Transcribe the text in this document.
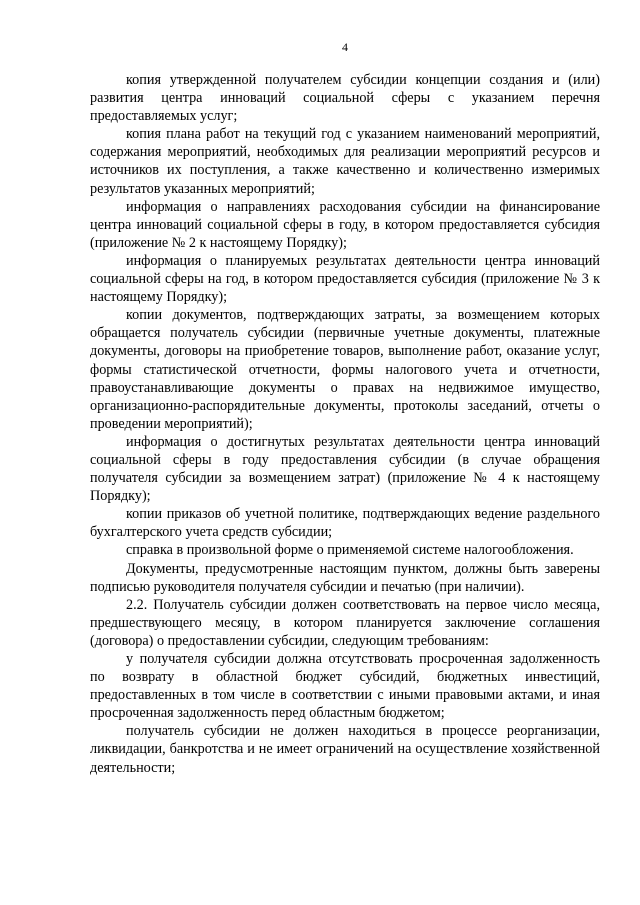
4

копия утвержденной получателем субсидии концепции создания и (или) развития центра инноваций социальной сферы с указанием перечня предоставляемых услуг;

копия плана работ на текущий год с указанием наименований мероприятий, содержания мероприятий, необходимых для реализации мероприятий ресурсов и источников их поступления, а также качественно и количественно измеримых результатов указанных мероприятий;

информация о направлениях расходования субсидии на финансирование центра инноваций социальной сферы в году, в котором предоставляется субсидия (приложение № 2 к настоящему Порядку);

информация о планируемых результатах деятельности центра инноваций социальной сферы на год, в котором предоставляется субсидия (приложение № 3 к настоящему Порядку);

копии документов, подтверждающих затраты, за возмещением которых обращается получатель субсидии (первичные учетные документы, платежные документы, договоры на приобретение товаров, выполнение работ, оказание услуг, формы статистической отчетности, формы налогового учета и отчетности, правоустанавливающие документы о правах на недвижимое имущество, организационно-распорядительные документы, протоколы заседаний, отчеты о проведении мероприятий);

информация о достигнутых результатах деятельности центра инноваций социальной сферы в году предоставления субсидии (в случае обращения получателя субсидии за возмещением затрат) (приложение № 4 к настоящему Порядку);

копии приказов об учетной политике, подтверждающих ведение раздельного бухгалтерского учета средств субсидии;

справка в произвольной форме о применяемой системе налогообложения.

Документы, предусмотренные настоящим пунктом, должны быть заверены подписью руководителя получателя субсидии и печатью (при наличии).

2.2. Получатель субсидии должен соответствовать на первое число месяца, предшествующего месяцу, в котором планируется заключение соглашения (договора) о предоставлении субсидии, следующим требованиям:

у получателя субсидии должна отсутствовать просроченная задолженность по возврату в областной бюджет субсидий, бюджетных инвестиций, предоставленных в том числе в соответствии с иными правовыми актами, и иная просроченная задолженность перед областным бюджетом;

получатель субсидии не должен находиться в процессе реорганизации, ликвидации, банкротства и не имеет ограничений на осуществление хозяйственной деятельности;
